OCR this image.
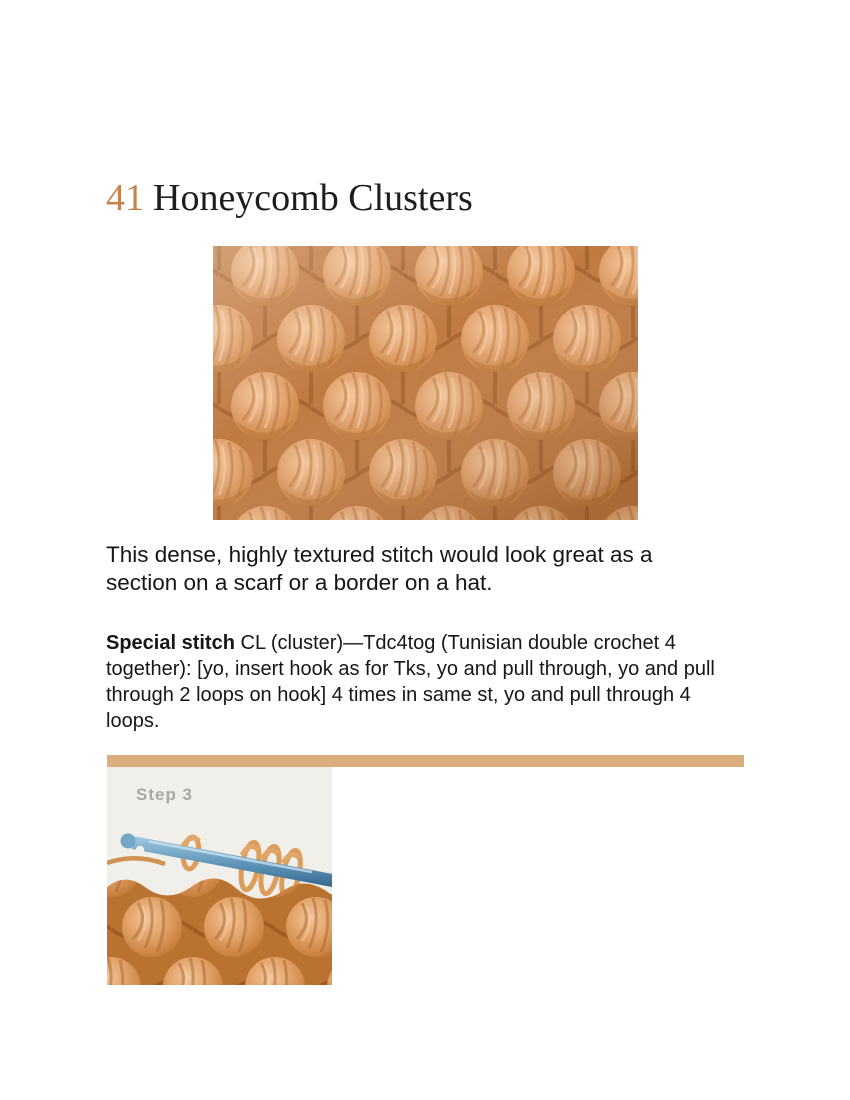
41 Honeycomb Clusters

This dense, highly textured stitch would look great as a
section on a scarf or a border on a hat.

Special stitch CL (cluster)—Tdc4tog (Tunisian double crochet 4
together): [yo, insert hook as for Tks, yo and pull through, yo and pull
through 2 loops on hook] 4 times in same st, yo and pull through 4
loops.

Step 3
